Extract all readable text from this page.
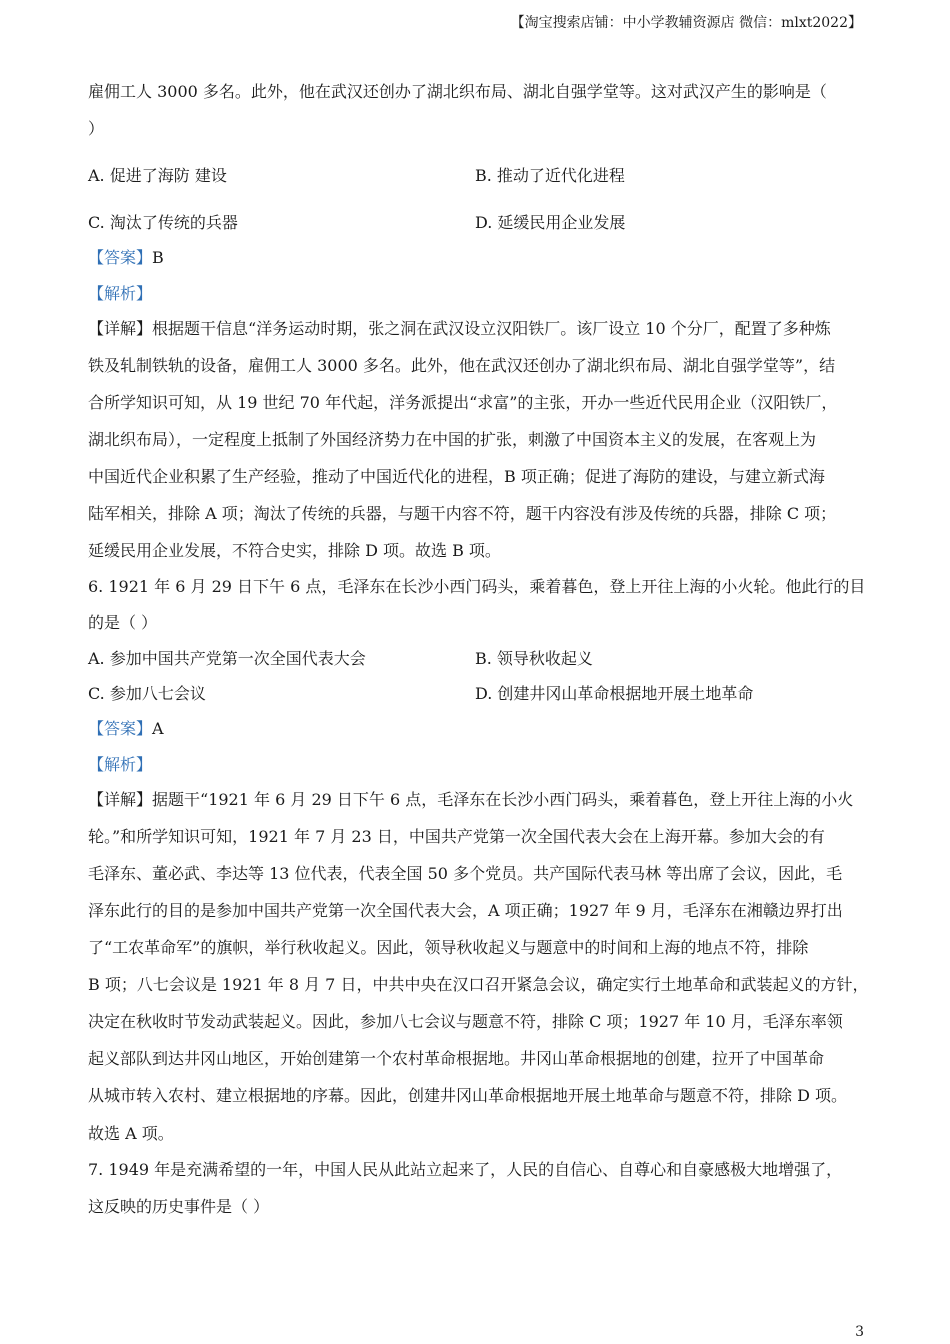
【淘宝搜索店铺：中小学教辅资源店 微信：mlxt2022】
雇佣工人 3000 多名。此外，他在武汉还创办了湖北织布局、湖北自强学堂等。这对武汉产生的影响是（
）
A. 促进了海防 建设	B. 推动了近代化进程
C. 淘汰了传统的兵器	D. 延缓民用企业发展
【答案】B
【解析】
【详解】根据题干信息“洋务运动时期，张之洞在武汉设立汉阳铁厂。该厂设立 10 个分厂，配置了多种炼
铁及轧制铁轨的设备，雇佣工人 3000 多名。此外，他在武汉还创办了湖北织布局、湖北自强学堂等”，结
合所学知识可知，从 19 世纪 70 年代起，洋务派提出“求富”的主张，开办一些近代民用企业（汉阳铁厂，
湖北织布局），一定程度上抵制了外国经济势力在中国的扩张，刺激了中国资本主义的发展，在客观上为
中国近代企业积累了生产经验，推动了中国近代化的进程，B 项正确；促进了海防的建设，与建立新式海
陆军相关，排除 A 项；淘汰了传统的兵器，与题干内容不符，题干内容没有涉及传统的兵器，排除 C 项；
延缓民用企业发展，不符合史实，排除 D 项。故选 B 项。
6. 1921 年 6 月 29 日下午 6 点，毛泽东在长沙小西门码头，乘着暮色，登上开往上海的小火轮。他此行的目
的是（ ）
A. 参加中国共产党第一次全国代表大会	B. 领导秋收起义
C. 参加八七会议	D. 创建井冈山革命根据地开展土地革命
【答案】A
【解析】
【详解】据题干“1921 年 6 月 29 日下午 6 点，毛泽东在长沙小西门码头，乘着暮色，登上开往上海的小火
轮。”和所学知识可知，1921 年 7 月 23 日，中国共产党第一次全国代表大会在上海开幕。参加大会的有
毛泽东、董必武、李达等 13 位代表，代表全国 50 多个党员。共产国际代表马林 等出席了会议，因此，毛
泽东此行的目的是参加中国共产党第一次全国代表大会，A 项正确；1927 年 9 月，毛泽东在湘赣边界打出
了“工农革命军”的旗帜，举行秋收起义。因此，领导秋收起义与题意中的时间和上海的地点不符，排除
B 项；八七会议是 1921 年 8 月 7 日，中共中央在汉口召开紧急会议，确定实行土地革命和武装起义的方针，
决定在秋收时节发动武装起义。因此，参加八七会议与题意不符，排除 C 项；1927 年 10 月，毛泽东率领
起义部队到达井冈山地区，开始创建第一个农村革命根据地。井冈山革命根据地的创建，拉开了中国革命
从城市转入农村、建立根据地的序幕。因此，创建井冈山革命根据地开展土地革命与题意不符，排除 D 项。
故选 A 项。
7. 1949 年是充满希望的一年，中国人民从此站立起来了，人民的自信心、自尊心和自豪感极大地增强了，
这反映的历史事件是（ ）
3
